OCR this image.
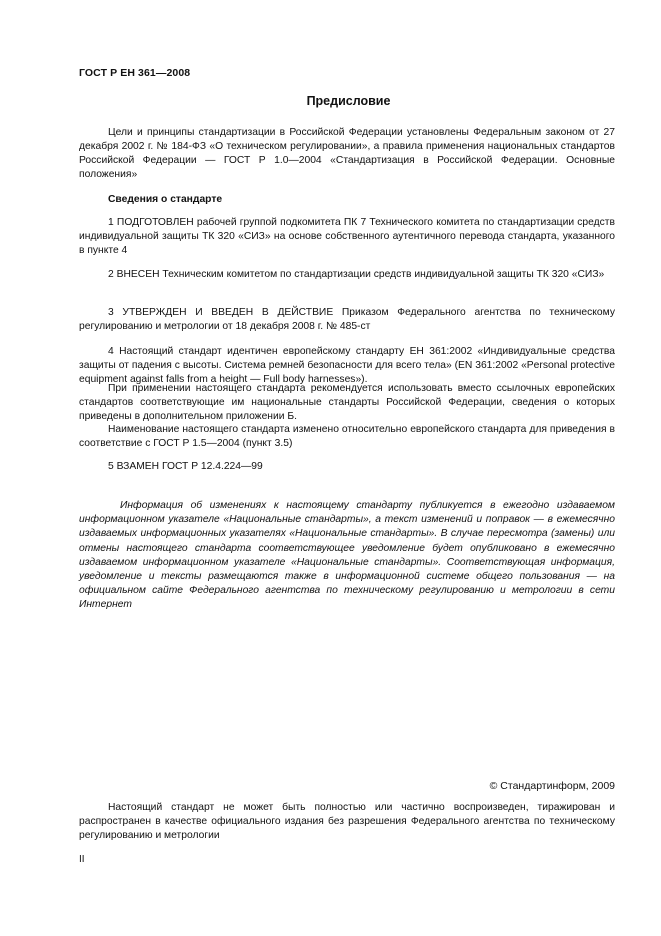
ГОСТ Р ЕН 361—2008
Предисловие

Цели и принципы стандартизации в Российской Федерации установлены Федеральным законом от 27 декабря 2002 г. № 184-ФЗ «О техническом регулировании», а правила применения национальных стандартов Российской Федерации — ГОСТ Р 1.0—2004 «Стандартизация в Российской Федерации. Основные положения»

Сведения о стандарте

1 ПОДГОТОВЛЕН рабочей группой подкомитета ПК 7 Технического комитета по стандартизации средств индивидуальной защиты ТК 320 «СИЗ» на основе собственного аутентичного перевода стандарта, указанного в пункте 4

2 ВНЕСЕН Техническим комитетом по стандартизации средств индивидуальной защиты ТК 320 «СИЗ»

3 УТВЕРЖДЕН И ВВЕДЕН В ДЕЙСТВИЕ Приказом Федерального агентства по техническому регулированию и метрологии от 18 декабря 2008 г. № 485-ст

4 Настоящий стандарт идентичен европейскому стандарту ЕН 361:2002 «Индивидуальные средства защиты от падения с высоты. Система ремней безопасности для всего тела» (EN 361:2002 «Personal protective equipment against falls from a height — Full body harnesses»).

При применении настоящего стандарта рекомендуется использовать вместо ссылочных европейских стандартов соответствующие им национальные стандарты Российской Федерации, сведения о которых приведены в дополнительном приложении Б.

Наименование настоящего стандарта изменено относительно европейского стандарта для приведения в соответствие с ГОСТ Р 1.5—2004 (пункт 3.5)

5 ВЗАМЕН ГОСТ Р 12.4.224—99

Информация об изменениях к настоящему стандарту публикуется в ежегодно издаваемом информационном указателе «Национальные стандарты», а текст изменений и поправок — в ежемесячно издаваемых информационных указателях «Национальные стандарты». В случае пересмотра (замены) или отмены настоящего стандарта соответствующее уведомление будет опубликовано в ежемесячно издаваемом информационном указателе «Национальные стандарты». Соответствующая информация, уведомление и тексты размещаются также в информационной системе общего пользования — на официальном сайте Федерального агентства по техническому регулированию и метрологии в сети Интернет

© Стандартинформ, 2009

Настоящий стандарт не может быть полностью или частично воспроизведен, тиражирован и распространен в качестве официального издания без разрешения Федерального агентства по техническому регулированию и метрологии

II
